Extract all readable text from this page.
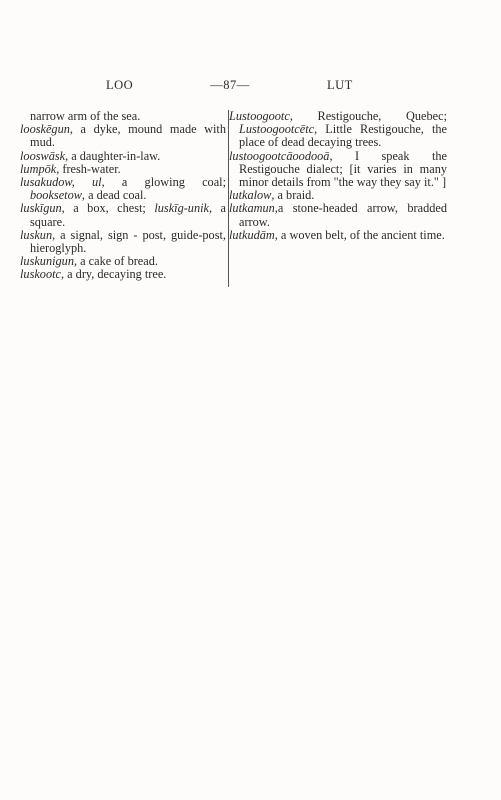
LOO	—87—	LUT

narrow arm of the sea.

looskēgun, a dyke, mound made with mud.

looswāsk, a daughter-in-law.

lumpōk, fresh-water.

lusakudow, ul, a glowing coal; booksetow, a dead coal.

luskīgun, a box, chest; luskīg-unik, a square.

luskun, a signal, sign - post, guide-post, hieroglyph.

luskunigun, a cake of bread.

luskootc, a dry, decaying tree.

Lustoogootc, Restigouche, Quebec; Lustoogootcētc, Little Restigouche, the place of dead decaying trees.

lustoogootcāoodooā, I speak the Restigouche dialect; [it varies in many minor details from "the way they say it." ]

lutkalow, a braid.

lutkamun,a stone-headed arrow, bradded arrow.

lutkudām, a woven belt, of the ancient time.
